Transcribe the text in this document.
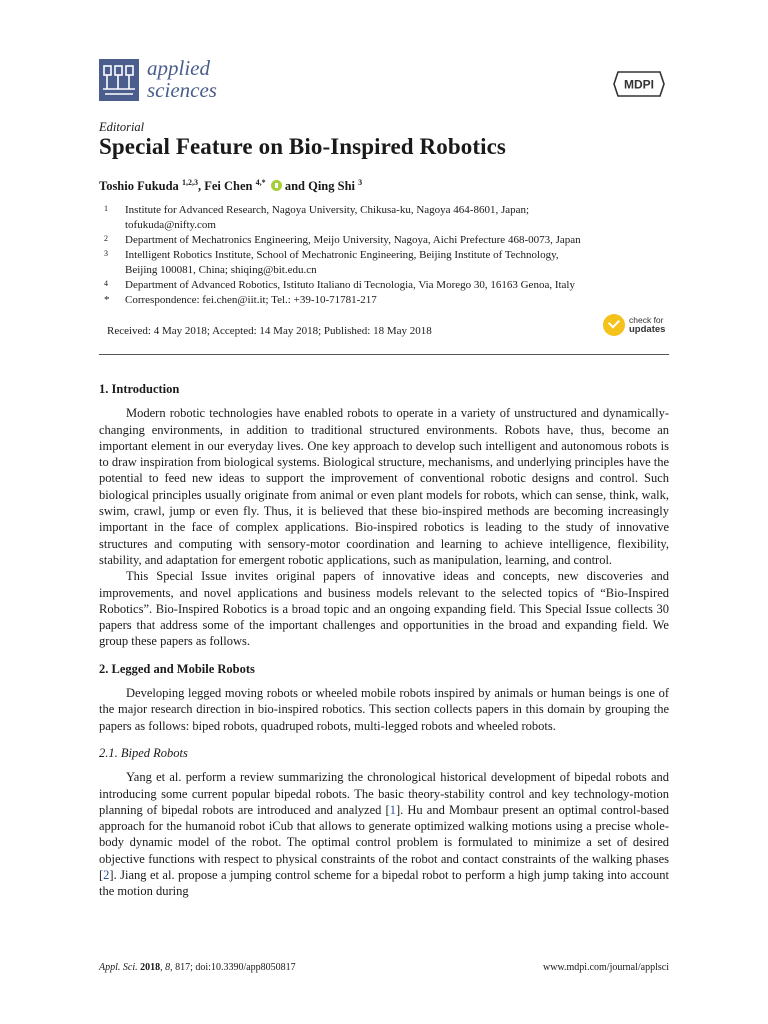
applied
sciences	MDPI
Editorial
Special Feature on Bio-Inspired Robotics
Toshio Fukuda $^{1,2,3}$, Fei Chen $^{4,*}$ and Qing Shi $^3$
1	Institute for Advanced Research, Nagoya University, Chikusa-ku, Nagoya 464-8601, Japan;
tofukuda@nifty.com
2	Department of Mechatronics Engineering, Meijo University, Nagoya, Aichi Prefecture 468-0073, Japan
3	Intelligent Robotics Institute, School of Mechatronic Engineering, Beijing Institute of Technology,
Beijing 100081, China; shiqing@bit.edu.cn
4	Department of Advanced Robotics, Istituto Italiano di Tecnologia, Via Morego 30, 16163 Genoa, Italy
*	Correspondence: fei.chen@iit.it; Tel.: +39-10-71781-217
Received: 4 May 2018; Accepted: 14 May 2018; Published: 18 May 2018
check for
updates
1. Introduction

Modern robotic technologies have enabled robots to operate in a variety of unstructured and dynamically-changing environments, in addition to traditional structured environments. Robots have, thus, become an important element in our everyday lives. One key approach to develop such intelligent and autonomous robots is to draw inspiration from biological systems. Biological structure, mechanisms, and underlying principles have the potential to feed new ideas to support the improvement of conventional robotic designs and control. Such biological principles usually originate from animal or even plant models for robots, which can sense, think, walk, swim, crawl, jump or even fly. Thus, it is believed that these bio-inspired methods are becoming increasingly important in the face of complex applications. Bio-inspired robotics is leading to the study of innovative structures and computing with sensory-motor coordination and learning to achieve intelligence, flexibility, stability, and adaptation for emergent robotic applications, such as manipulation, learning, and control.

This Special Issue invites original papers of innovative ideas and concepts, new discoveries and improvements, and novel applications and business models relevant to the selected topics of “Bio-Inspired Robotics”. Bio-Inspired Robotics is a broad topic and an ongoing expanding field. This Special Issue collects 30 papers that address some of the important challenges and opportunities in the broad and expanding field. We group these papers as follows.

2. Legged and Mobile Robots

Developing legged moving robots or wheeled mobile robots inspired by animals or human beings is one of the major research direction in bio-inspired robotics. This section collects papers in this domain by grouping the papers as follows: biped robots, quadruped robots, multi-legged robots and wheeled robots.

2.1. Biped Robots

Yang et al. perform a review summarizing the chronological historical development of bipedal robots and introducing some current popular bipedal robots. The basic theory-stability control and key technology-motion planning of bipedal robots are introduced and analyzed [1]. Hu and Mombaur present an optimal control-based approach for the humanoid robot iCub that allows to generate optimized walking motions using a precise whole-body dynamic model of the robot. The optimal control problem is formulated to minimize a set of desired objective functions with respect to physical constraints of the robot and contact constraints of the walking phases [2]. Jiang et al. propose a jumping control scheme for a bipedal robot to perform a high jump taking into account the motion during

Appl. Sci. 2018, 8, 817; doi:10.3390/app8050817	www.mdpi.com/journal/applsci
